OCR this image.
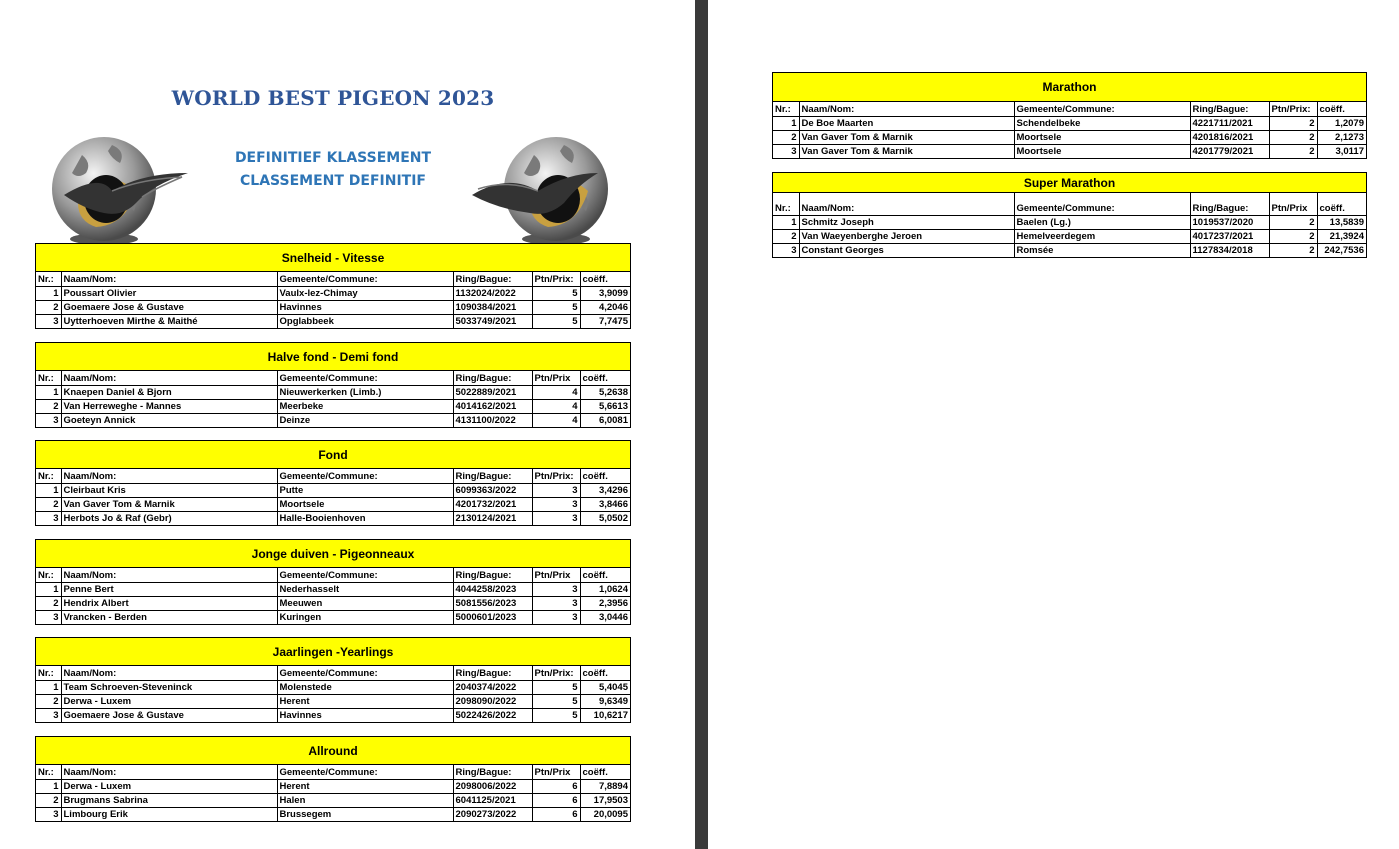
WORLD BEST PIGEON 2023
DEFINITIEF KLASSEMENT
CLASSEMENT DEFINITIF
Snelheid - Vitesse
Nr.:	Naam/Nom:	Gemeente/Commune:	Ring/Bague:	Ptn/Prix:	coëff.
1	Poussart Olivier	Vaulx-lez-Chimay	1132024/2022	5	3,9099
2	Goemaere Jose & Gustave	Havinnes	1090384/2021	5	4,2046
3	Uytterhoeven Mirthe & Maithé	Opglabbeek	5033749/2021	5	7,7475
Halve fond - Demi fond
Nr.:	Naam/Nom:	Gemeente/Commune:	Ring/Bague:	Ptn/Prix	coëff.
1	Knaepen Daniel & Bjorn	Nieuwerkerken (Limb.)	5022889/2021	4	5,2638
2	Van Herreweghe - Mannes	Meerbeke	4014162/2021	4	5,6613
3	Goeteyn Annick	Deinze	4131100/2022	4	6,0081
Fond
Nr.:	Naam/Nom:	Gemeente/Commune:	Ring/Bague:	Ptn/Prix:	coëff.
1	Cleirbaut Kris	Putte	6099363/2022	3	3,4296
2	Van Gaver Tom & Marnik	Moortsele	4201732/2021	3	3,8466
3	Herbots Jo & Raf (Gebr)	Halle-Booienhoven	2130124/2021	3	5,0502
Jonge duiven - Pigeonneaux
Nr.:	Naam/Nom:	Gemeente/Commune:	Ring/Bague:	Ptn/Prix	coëff.
1	Penne Bert	Nederhasselt	4044258/2023	3	1,0624
2	Hendrix Albert	Meeuwen	5081556/2023	3	2,3956
3	Vrancken - Berden	Kuringen	5000601/2023	3	3,0446
Jaarlingen -Yearlings
Nr.:	Naam/Nom:	Gemeente/Commune:	Ring/Bague:	Ptn/Prix:	coëff.
1	Team Schroeven-Steveninck	Molenstede	2040374/2022	5	5,4045
2	Derwa - Luxem	Herent	2098090/2022	5	9,6349
3	Goemaere Jose & Gustave	Havinnes	5022426/2022	5	10,6217
Allround
Nr.:	Naam/Nom:	Gemeente/Commune:	Ring/Bague:	Ptn/Prix	coëff.
1	Derwa - Luxem	Herent	2098006/2022	6	7,8894
2	Brugmans Sabrina	Halen	6041125/2021	6	17,9503
3	Limbourg Erik	Brussegem	2090273/2022	6	20,0095
Marathon
Nr.:	Naam/Nom:	Gemeente/Commune:	Ring/Bague:	Ptn/Prix:	coëff.
1	De Boe Maarten	Schendelbeke	4221711/2021	2	1,2079
2	Van Gaver Tom & Marnik	Moortsele	4201816/2021	2	2,1273
3	Van Gaver Tom & Marnik	Moortsele	4201779/2021	2	3,0117
Super Marathon
Nr.:	Naam/Nom:	Gemeente/Commune:	Ring/Bague:	Ptn/Prix	coëff.
1	Schmitz Joseph	Baelen (Lg.)	1019537/2020	2	13,5839
2	Van Waeyenberghe Jeroen	Hemelveerdegem	4017237/2021	2	21,3924
3	Constant Georges	Romsée	1127834/2018	2	242,7536
